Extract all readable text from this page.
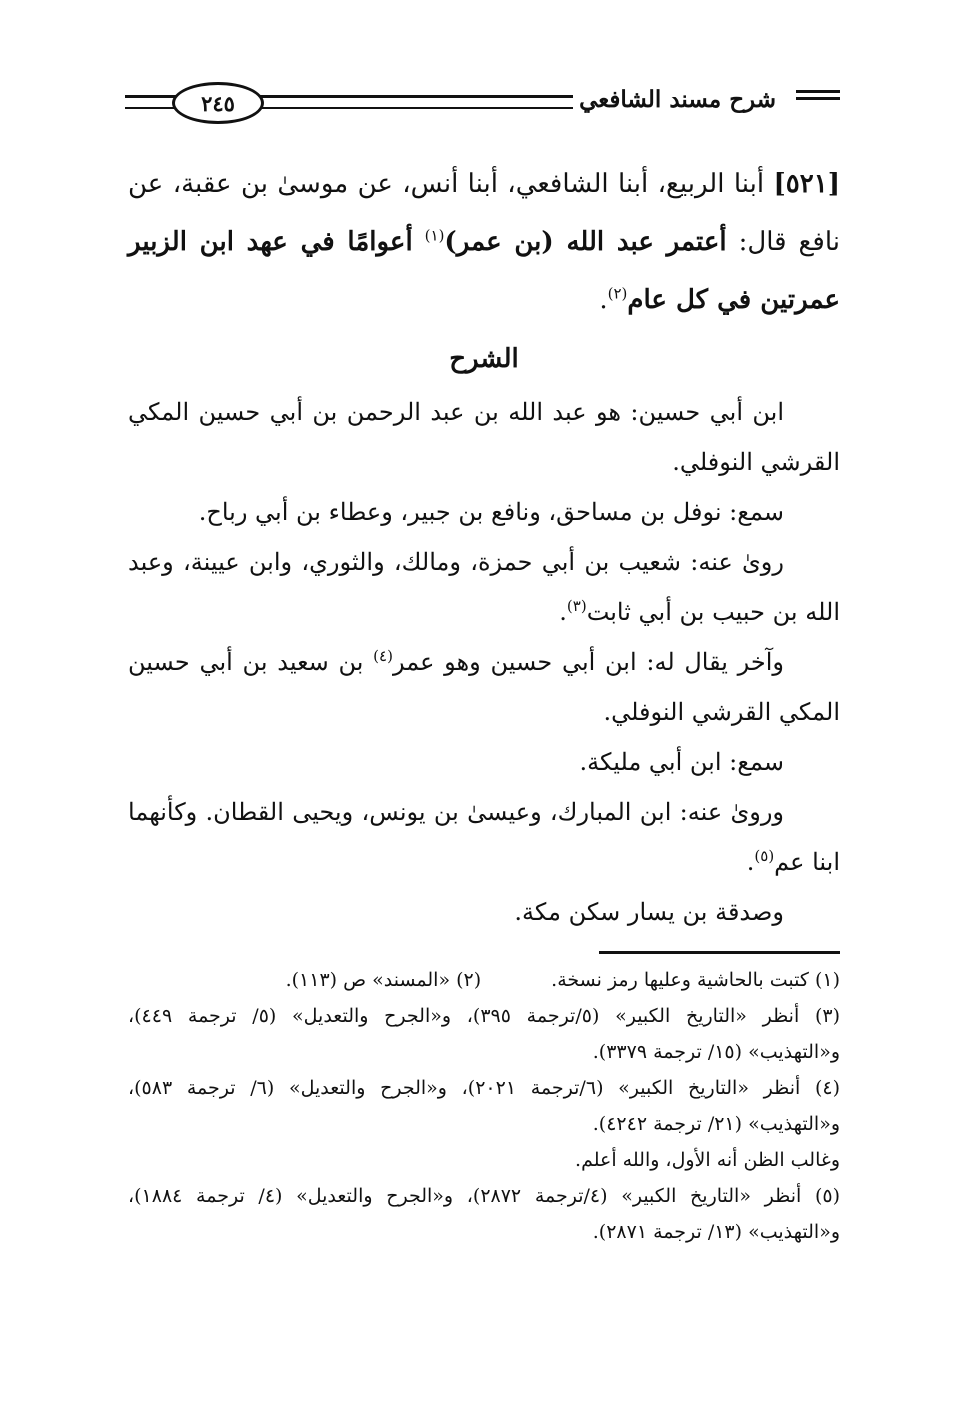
شرح مسند الشافعي
٢٤٥
[٥٢١] أبنا الربيع، أبنا الشافعي، أبنا أنس، عن موسىٰ بن عقبة، عن نافع قال: أعتمر عبد الله (بن عمر)$^{(١)}$ أعوامًا في عهد ابن الزبير عمرتين في كل عام$^{(٢)}$.
الشرح

ابن أبي حسين: هو عبد الله بن عبد الرحمن بن أبي حسين المكي القرشي النوفلي.

سمع: نوفل بن مساحق، ونافع بن جبير، وعطاء بن أبي رباح.

روىٰ عنه: شعيب بن أبي حمزة، ومالك، والثوري، وابن عيينة، وعبد الله بن حبيب بن أبي ثابت$^{(٣)}$.

وآخر يقال له: ابن أبي حسين وهو عمر$^{(٤)}$ بن سعيد بن أبي حسين المكي القرشي النوفلي.

سمع: ابن أبي مليكة.

ورویٰ عنه: ابن المبارك، وعيسىٰ بن يونس، ويحيى القطان. وكأنهما ابنا عم$^{(٥)}$.

وصدقة بن يسار سكن مكة.

(١) كتبت بالحاشية وعليها رمز نسخة.
(٢) «المسند» ص (١١٣).

(٣) أنظر «التاريخ الكبير» (٥/ترجمة ٣٩٥)، و«الجرح والتعديل» (٥/ ترجمة ٤٤٩)، و«التهذيب» (١٥/ ترجمة ٣٣٧٩).

(٤) أنظر «التاريخ الكبير» (٦/ترجمة ٢٠٢١)، و«الجرح والتعديل» (٦/ ترجمة ٥٨٣)، و«التهذيب» (٢١/ ترجمة ٤٢٤٢).

وغالب الظن أنه الأول، والله أعلم.

(٥) أنظر «التاريخ الكبير» (٤/ترجمة ٢٨٧٢)، و«الجرح والتعديل» (٤/ ترجمة ١٨٨٤)، و«التهذيب» (١٣/ ترجمة ٢٨٧١).
